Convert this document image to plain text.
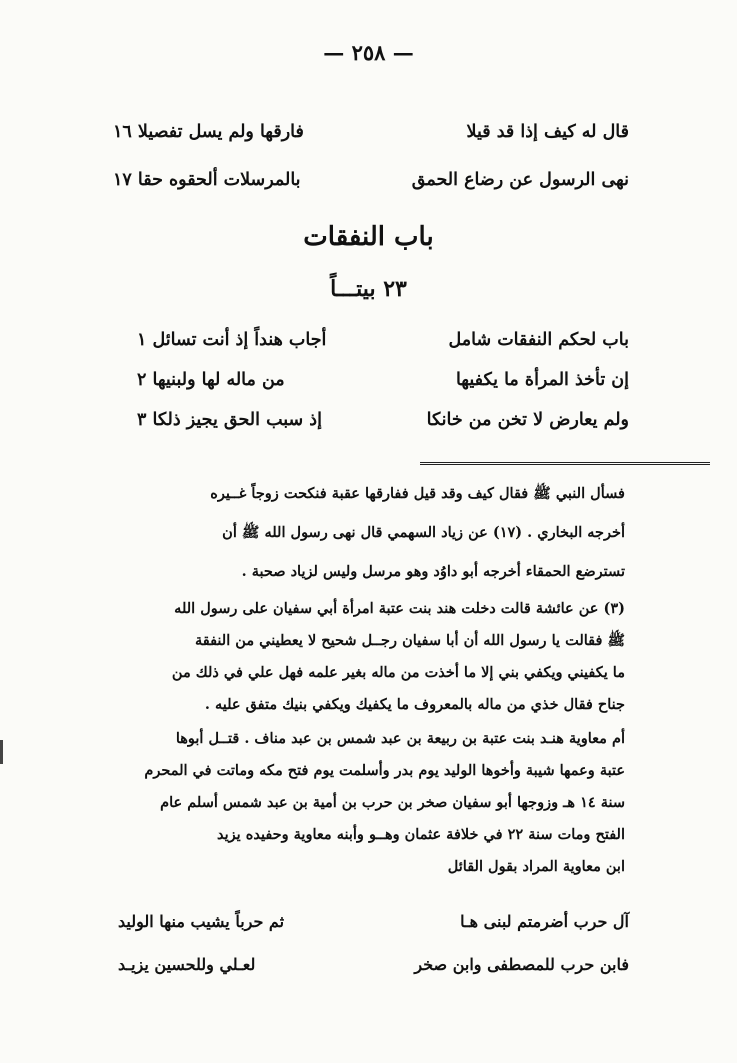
— ٢٥٨ —
قال له كيف إذا قد قيلا
فارقها ولم يسل تفصيلا ١٦
نهى الرسول عن رضاع الحمق
بالمرسلات ألحقوه حقا ١٧
باب النفقات
٢٣ بيتـــاً
باب لحكم النفقات شامل
أجاب هنداً إذ أنت تسائل ١
إن تأخذ المرأة ما يكفيها
من ماله لها ولبنيها ٢
ولم يعارض لا تخن من خانكا
إذ سبب الحق يجيز ذلكا ٣
فسأل النبي ﷺ فقال كيف وقد قيل ففارقها عقبة فنكحت زوجاً غــيره
أخرجه البخاري . (١٧) عن زياد السهمي قال نهى رسول الله ﷺ أن
تسترضع الحمقاء أخرجه أبو داوُد وهو مرسل وليس لزياد صحبة .
(٣) عن عائشة قالت دخلت هند بنت عتبة امرأة أبي سفيان على رسول الله
ﷺ فقالت يا رسول الله أن أبا سفيان رجــل شحيح لا يعطيني من النفقة
ما يكفيني ويكفي بني إلا ما أخذت من ماله بغير علمه فهل علي في ذلك من
جناح فقال خذي من ماله بالمعروف ما يكفيك ويكفي بنيك متفق عليه .
أم معاوية هنـد بنت عتبة بن ربيعة بن عبد شمس بن عبد مناف . قتــل أبوها
عتبة وعمها شيبة وأخوها الوليد يوم بدر وأسلمت يوم فتح مكه وماتت في المحرم
سنة ١٤ هـ وزوجها أبو سفيان صخر بن حرب بن أمية بن عبد شمس أسلم عام
الفتح ومات سنة ٢٢ في خلافة عثمان وهــو وأبنه معاوية وحفيده يزيد
ابن معاوية المراد بقول القائل
آل حرب أضرمتم لبنى هـا
ثم حرباً يشيب منها الوليد
فابن حرب للمصطفى وابن صخر
لعـلي وللحسين يزيـد
